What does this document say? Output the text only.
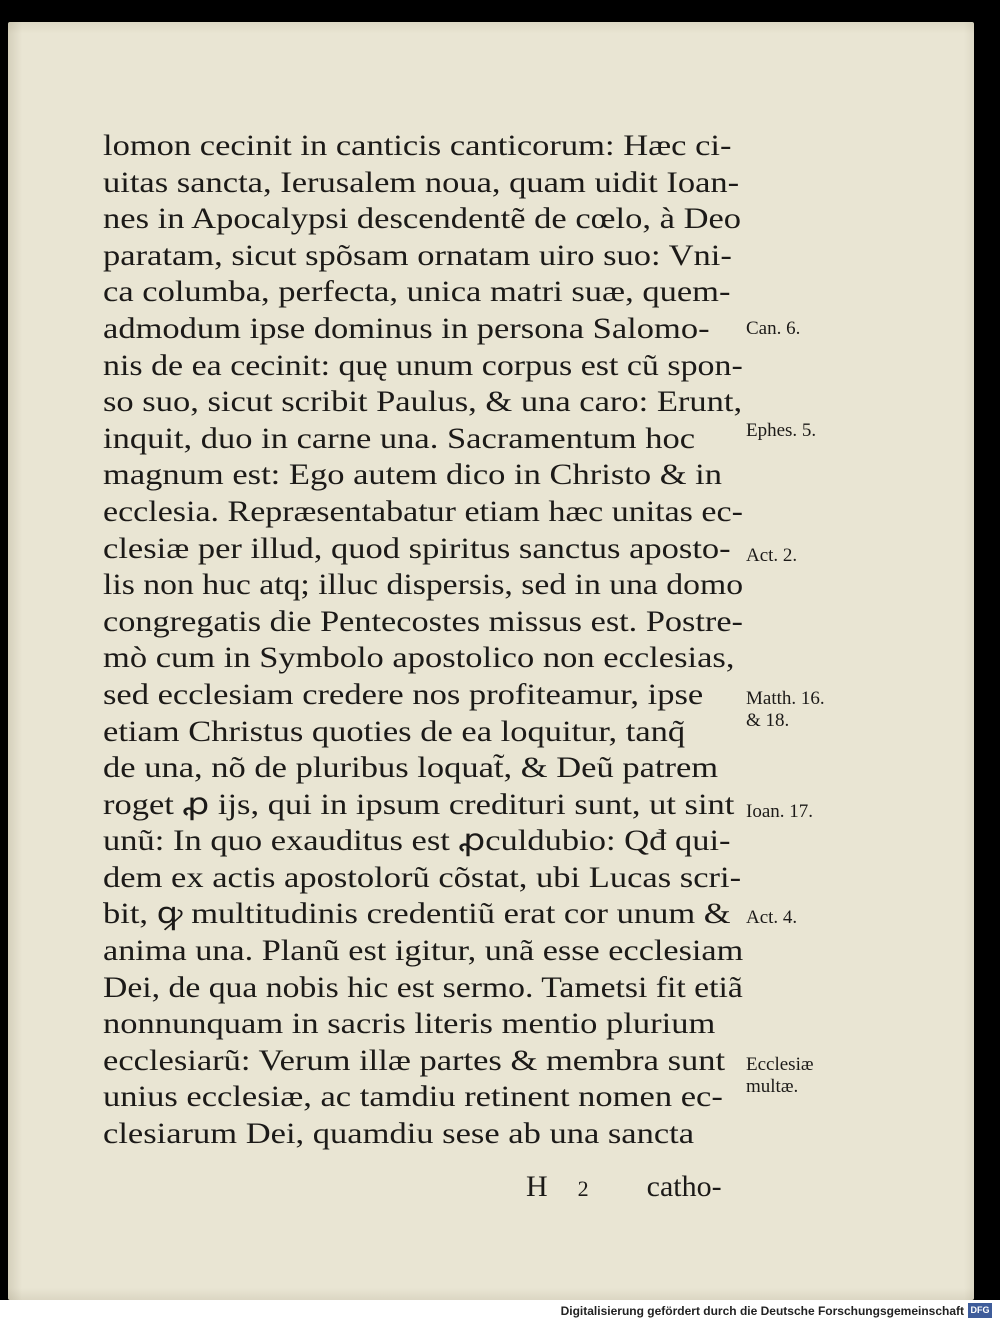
lomon cecinit in canticis canticorum: Hæc ci-
uitas sancta, Ierusalem noua, quam uidit Ioan-
nes in Apocalypsi descendentẽ de cœlo, à Deo
paratam, sicut spõsam ornatam uiro suo: Vni-
ca columba, perfecta, unica matri suæ, quem-
admodum ipse dominus in persona Salomo-
nis de ea cecinit: quę unum corpus est cũ spon-
so suo, sicut scribit Paulus, & una caro: Erunt,
inquit, duo in carne una. Sacramentum hoc
magnum est: Ego autem dico in Christo & in
ecclesia. Repræsentabatur etiam hæc unitas ec-
clesiæ per illud, quod spiritus sanctus aposto-
lis non huc atq; illuc dispersis, sed in una domo
congregatis die Pentecostes missus est. Postre-
mò cum in Symbolo apostolico non ecclesias,
sed ecclesiam credere nos profiteamur, ipse
etiam Christus quoties de ea loquitur, tanq̃
de una, nõ de pluribus loquat̃, & Deũ patrem
roget ꝓ ijs, qui in ipsum credituri sunt, ut sint
unũ: In quo exauditus est ꝓculdubio: Qđ qui-
dem ex actis apostolorũ cõstat, ubi Lucas scri-
bit, ꝙ multitudinis credentiũ erat cor unum &
anima una. Planũ est igitur, unã esse ecclesiam
Dei, de qua nobis hic est sermo. Tametsi fit etiã
nonnunquam in sacris literis mentio plurium
ecclesiarũ: Verum illæ partes & membra sunt
unius ecclesiæ, ac tamdiu retinent nomen ec-
clesiarum Dei, quamdiu sese ab una sancta
Can. 6.
Ephes. 5.
Act. 2.
Matth. 16.
& 18.
Ioan. 17.
Act. 4.
Ecclesiæ
multæ.
H 2 catho-
Digitalisierung gefördert durch die Deutsche Forschungsgemeinschaft DFG
